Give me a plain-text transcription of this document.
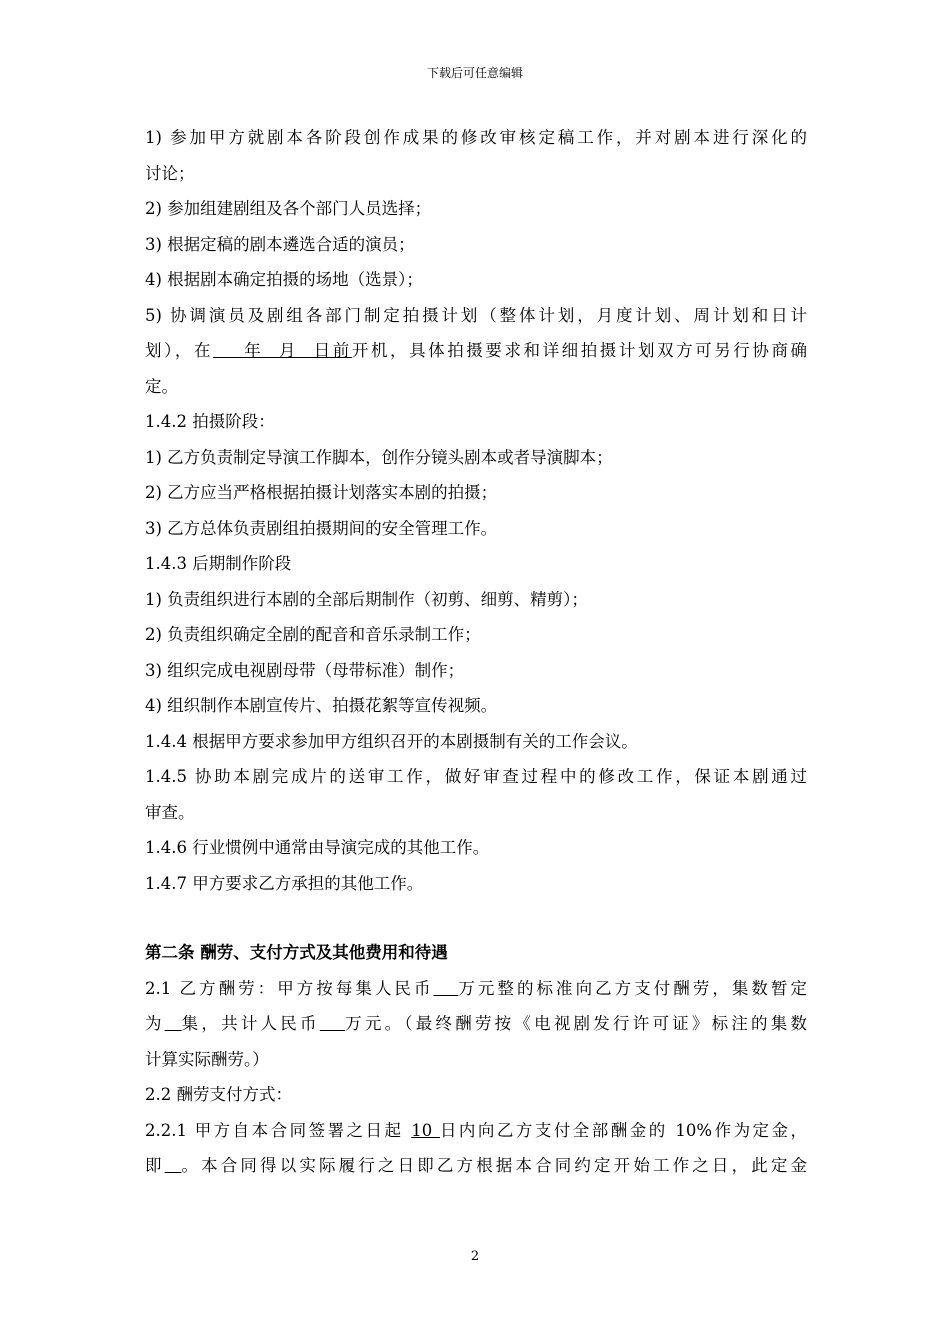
下载后可任意编辑
1) 参加甲方就剧本各阶段创作成果的修改审核定稿工作，并对剧本进行深化的
讨论；
2) 参加组建剧组及各个部门人员选择；
3) 根据定稿的剧本遴选合适的演员；
4) 根据剧本确定拍摄的场地（选景）；
5) 协调演员及剧组各部门制定拍摄计划（整体计划，月度计划、周计划和日计
划），在    年  月  日前开机，具体拍摄要求和详细拍摄计划双方可另行协商确
定。
1.4.2 拍摄阶段：
1) 乙方负责制定导演工作脚本，创作分镜头剧本或者导演脚本；
2) 乙方应当严格根据拍摄计划落实本剧的拍摄；
3) 乙方总体负责剧组拍摄期间的安全管理工作。
1.4.3 后期制作阶段
1) 负责组织进行本剧的全部后期制作（初剪、细剪、精剪）；
2) 负责组织确定全剧的配音和音乐录制工作；
3) 组织完成电视剧母带（母带标准）制作；
4) 组织制作本剧宣传片、拍摄花絮等宣传视频。
1.4.4 根据甲方要求参加甲方组织召开的本剧摄制有关的工作会议。
1.4.5 协助本剧完成片的送审工作，做好审查过程中的修改工作，保证本剧通过
审查。
1.4.6 行业惯例中通常由导演完成的其他工作。
1.4.7 甲方要求乙方承担的其他工作。
第二条 酬劳、支付方式及其他费用和待遇
2.1 乙方酬劳：甲方按每集人民币 万元整的标准向乙方支付酬劳，集数暂定
为 集，共计人民币 万元。（最终酬劳按《电视剧发行许可证》标注的集数
计算实际酬劳。）
2.2 酬劳支付方式：
2.2.1 甲方自本合同签署之日起 10 日内向乙方支付全部酬金的 10%作为定金，
即 。本合同得以实际履行之日即乙方根据本合同约定开始工作之日，此定金
2
